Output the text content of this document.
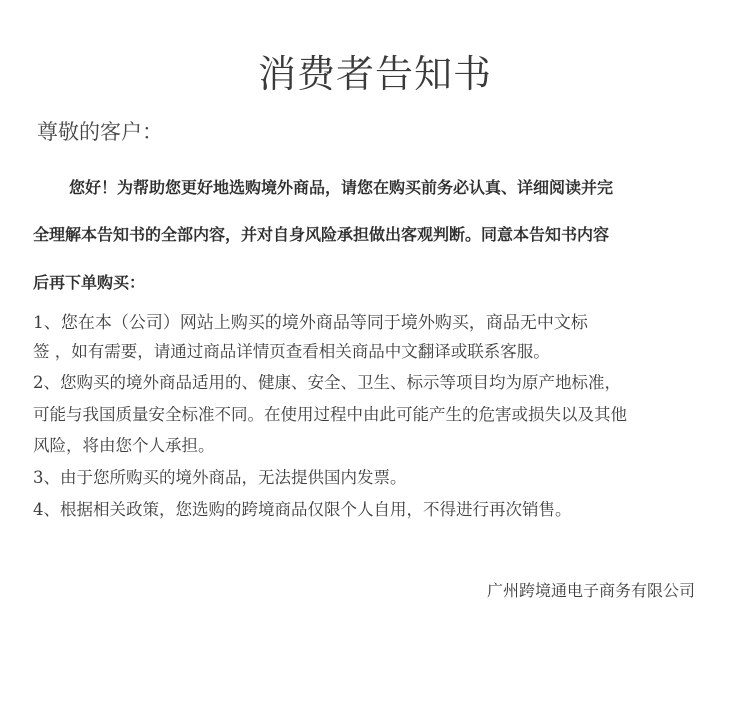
消费者告知书
尊敬的客户：
您好！为帮助您更好地选购境外商品，请您在购买前务必认真、详细阅读并完
全理解本告知书的全部内容，并对自身风险承担做出客观判断。同意本告知书内容
后再下单购买：
1、您在本（公司）网站上购买的境外商品等同于境外购买，商品无中文标
签 ，如有需要，请通过商品详情页查看相关商品中文翻译或联系客服。
2、您购买的境外商品适用的、健康、安全、卫生、标示等项目均为原产地标准，
可能与我国质量安全标准不同。在使用过程中由此可能产生的危害或损失以及其他
风险，将由您个人承担。
3、由于您所购买的境外商品，无法提供国内发票。
4、根据相关政策，您选购的跨境商品仅限个人自用，不得进行再次销售。
广州跨境通电子商务有限公司
